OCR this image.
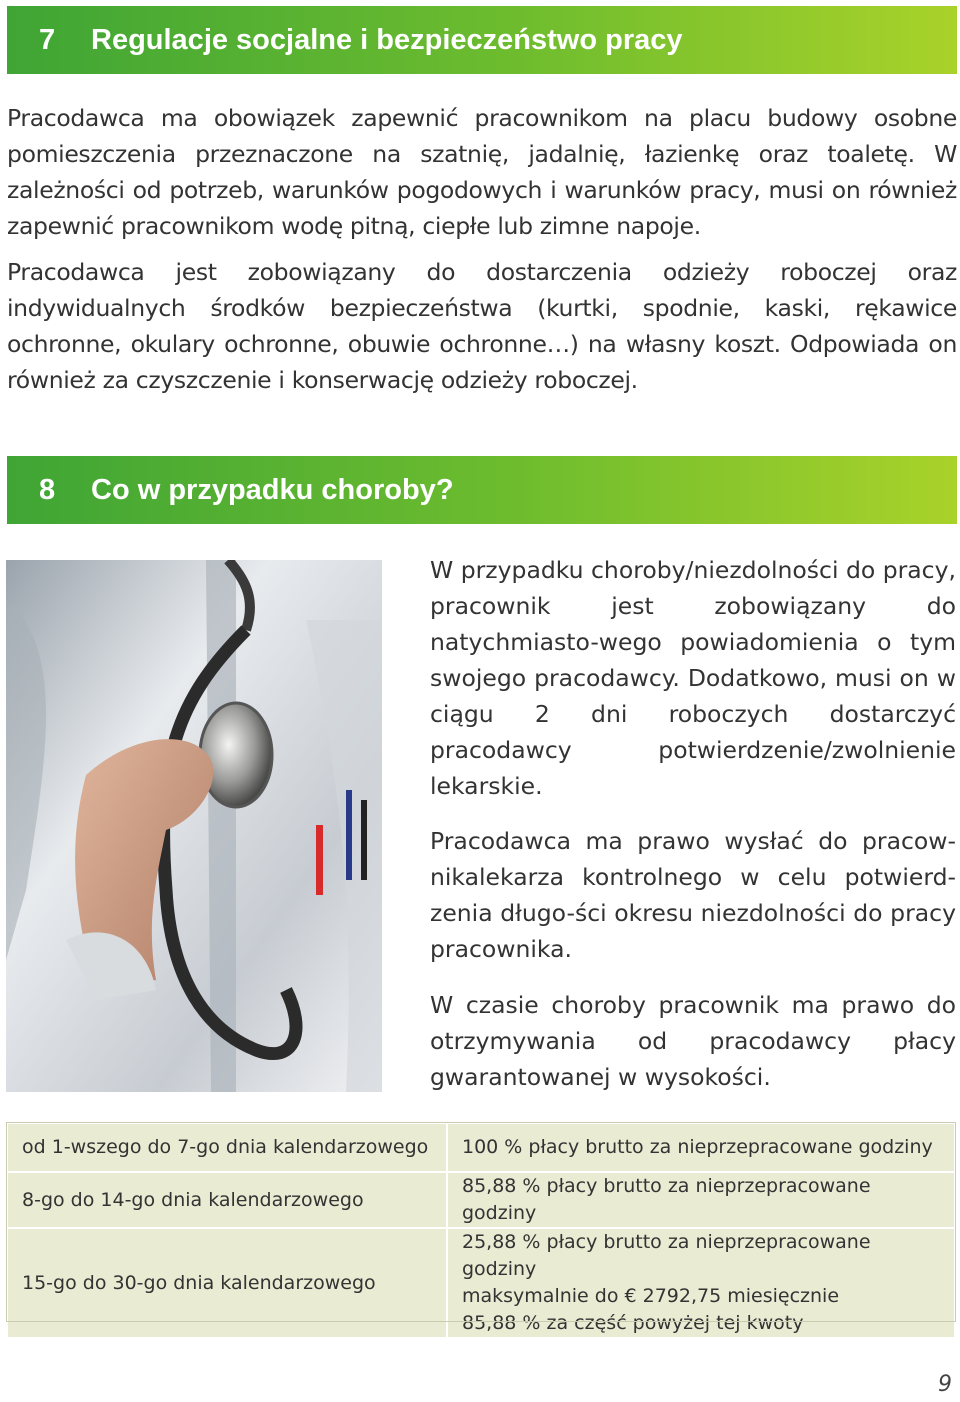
7	Regulacje socjalne i bezpieczeństwo pracy

Pracodawca ma obowiązek zapewnić pracownikom na placu budowy osobne pomieszczenia przeznaczone na szatnię, jadalnię, łazienkę oraz toaletę. W zależności od potrzeb, warunków pogodowych i warunków pracy, musi on również zapewnić pracownikom wodę pitną, ciepłe lub zimne napoje.

Pracodawca jest zobowiązany do dostarczenia odzieży roboczej oraz indywidualnych środków bezpieczeństwa (kurtki, spodnie, kaski, rękawice ochronne, okulary ochronne, obuwie ochronne…) na własny koszt. Odpowiada on również za czyszczenie i konserwację odzieży roboczej.

8	Co w przypadku choroby?

W przypadku choroby/niezdolności do pracy, pracownik jest zobowiązany do natychmiasto-wego powiadomienia o tym swojego pracodawcy. Dodatkowo, musi on w ciągu 2 dni roboczych dostarczyć pracodawcy potwierdzenie/zwolnienie lekarskie.

Pracodawca ma prawo wysłać do pracow-nikalekarza kontrolnego w celu potwierd-zenia długo-ści okresu niezdolności do pracy pracownika.

W czasie choroby pracownik ma prawo do otrzymywania od pracodawcy płacy gwarantowanej w wysokości.

od 1-wszego do 7-go dnia kalendarzowego	100 % płacy brutto za nieprzepracowane godziny
8-go do 14-go dnia kalendarzowego	85,88 % płacy brutto za nieprzepracowane godziny
15-go do 30-go dnia kalendarzowego	25,88 % płacy brutto za nieprzepracowane godziny
maksymalnie do € 2792,75 miesięcznie
85,88 % za część powyżej tej kwoty
9
